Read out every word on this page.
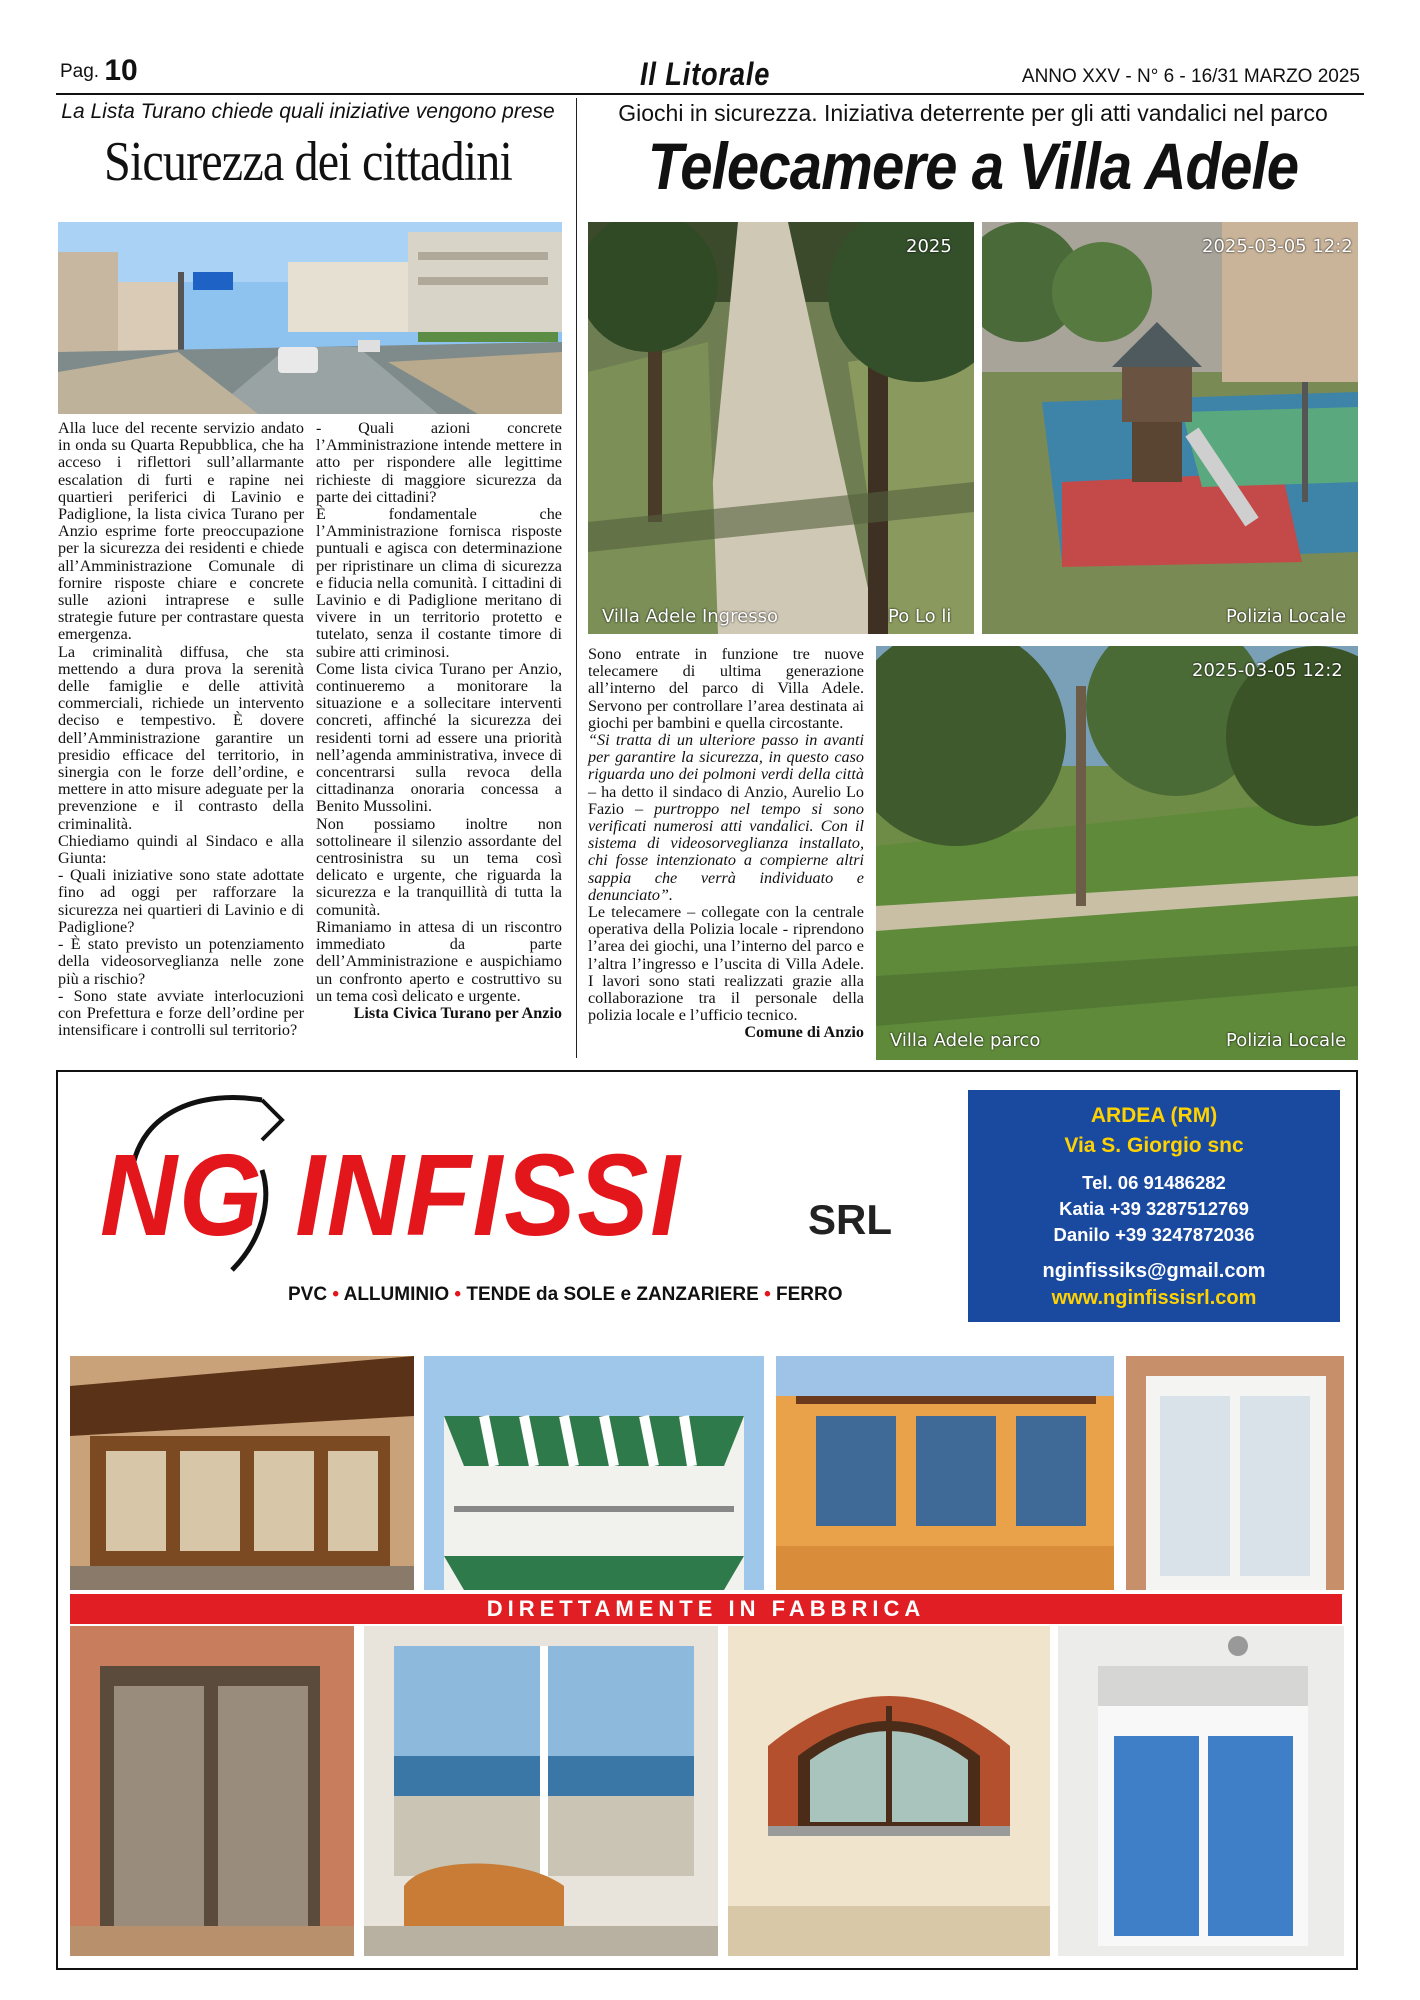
Pag. 10	Il Litorale	ANNO XXV - N° 6 - 16/31 MARZO 2025
La Lista Turano chiede quali iniziative vengono prese
Sicurezza dei cittadini

Alla luce del recente servizio andato in onda su Quarta Repubblica, che ha acceso i riflettori sull’allarmante escalation di furti e rapine nei quartieri periferici di Lavinio e Padiglione, la lista civica Turano per Anzio esprime forte preoccupazione per la sicurezza dei residenti e chiede all’Amministrazione Comunale di fornire risposte chiare e concrete sulle azioni intraprese e sulle strategie future per contrastare questa emergenza.

La criminalità diffusa, che sta mettendo a dura prova la serenità delle famiglie e delle attività commerciali, richiede un intervento deciso e tempestivo. È dovere dell’Amministrazione garantire un presidio efficace del territorio, in sinergia con le forze dell’ordine, e mettere in atto misure adeguate per la prevenzione e il contrasto della criminalità.

Chiediamo quindi al Sindaco e alla Giunta:

- Quali iniziative sono state adottate fino ad oggi per rafforzare la sicurezza nei quartieri di Lavinio e di Padiglione?

- È stato previsto un potenziamento della videosorveglianza nelle zone più a rischio?

- Sono state avviate interlocuzioni con Prefettura e forze dell’ordine per intensificare i controlli sul territorio?

- Quali azioni concrete l’Amministrazione intende mettere in atto per rispondere alle legittime richieste di maggiore sicurezza da parte dei cittadini?

È fondamentale che l’Amministrazione fornisca risposte puntuali e agisca con determinazione per ripristinare un clima di sicurezza e fiducia nella comunità. I cittadini di Lavinio e di Padiglione meritano di vivere in un territorio protetto e tutelato, senza il costante timore di subire atti criminosi.

Come lista civica Turano per Anzio, continueremo a monitorare la situazione e a sollecitare interventi concreti, affinché la sicurezza dei residenti torni ad essere una priorità nell’agenda amministrativa, invece di concentrarsi sulla revoca della cittadinanza onoraria concessa a Benito Mussolini.

Non possiamo inoltre non sottolineare il silenzio assordante del centrosinistra su un tema così delicato e urgente, che riguarda la sicurezza e la tranquillità di tutta la comunità.

Rimaniamo in attesa di un riscontro immediato da parte dell’Amministrazione e auspichiamo un confronto aperto e costruttivo su un tema così delicato e urgente.

Lista Civica Turano per Anzio

Giochi in sicurezza. Iniziativa deterrente per gli atti vandalici nel parco
Telecamere a Villa Adele
2025
Villa Adele Ingresso	Po Lo li
2025-03-05 12:2
Polizia Locale

Sono entrate in funzione tre nuove telecamere di ultima generazione all’interno del parco di Villa Adele. Servono per controllare l’area destinata ai giochi per bambini e quella circostante.

“Si tratta di un ulteriore passo in avanti per garantire la sicurezza, in questo caso riguarda uno dei polmoni verdi della città – ha detto il sindaco di Anzio, Aurelio Lo Fazio – purtroppo nel tempo si sono verificati numerosi atti vandalici. Con il sistema di videosorveglianza installato, chi fosse intenzionato a compierne altri sappia che verrà individuato e denunciato”.

Le telecamere – collegate con la centrale operativa della Polizia locale - riprendono l’area dei giochi, una l’interno del parco e l’altra l’ingresso e l’uscita di Villa Adele. I lavori sono stati realizzati grazie alla collaborazione tra il personale della polizia locale e l’ufficio tecnico.

Comune di Anzio

2025-03-05 12:2
Villa Adele parco	Polizia Locale
NG INFISSI	SRL
PVC • ALLUMINIO • TENDE da SOLE e ZANZARIERE • FERRO
ARDEA (RM)
Via S. Giorgio snc
Tel. 06 91486282
Katia +39 3287512769
Danilo +39 3247872036
nginfissiks@gmail.com
www.nginfissisrl.com
DIRETTAMENTE IN FABBRICA
